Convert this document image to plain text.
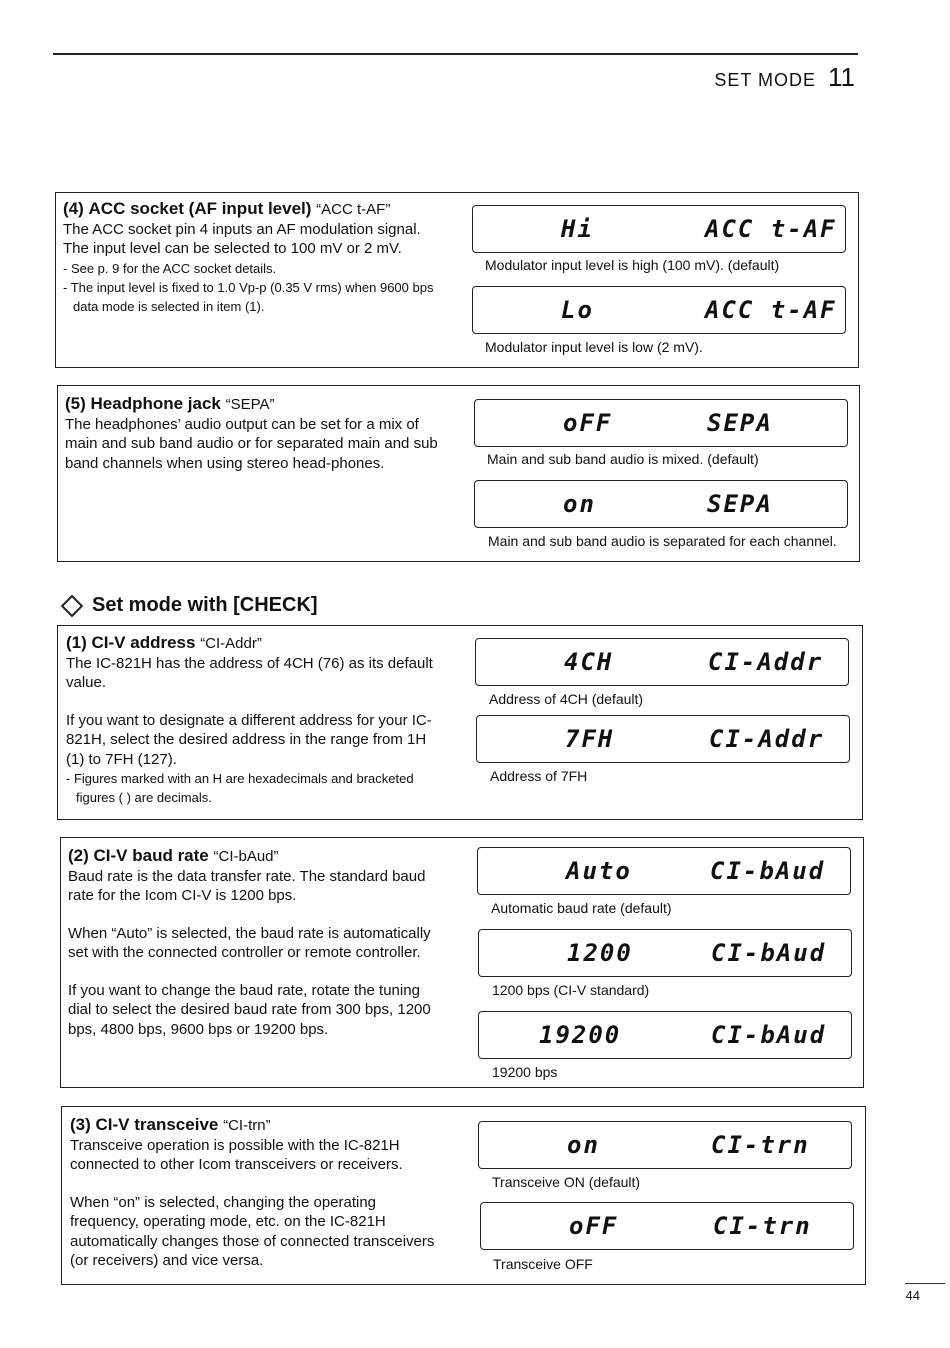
SET MODE 11

(4) ACC socket (AF input level) “ACC t-AF”

The ACC socket pin 4 inputs an AF modulation signal. The input level can be selected to 100 mV or 2 mV.

- See p. 9 for the ACC socket details.

- The input level is fixed to 1.0 Vp-p (0.35 V rms) when 9600 bps data mode is selected in item (1).

Hi	ACC t-AF
Modulator input level is high (100 mV). (default)
Lo	ACC t-AF
Modulator input level is low (2 mV).

(5) Headphone jack “SEPA”

The headphones’ audio output can be set for a mix of main and sub band audio or for separated main and sub band channels when using stereo head-phones.

oFF	SEPA
Main and sub band audio is mixed. (default)
on	SEPA
Main and sub band audio is separated for each channel.
Set mode with [CHECK]

(1) CI-V address “CI-Addr”

The IC-821H has the address of 4CH (76) as its default value.

If you want to designate a different address for your IC-821H, select the desired address in the range from 1H (1) to 7FH (127).

- Figures marked with an H are hexadecimals and bracketed figures ( ) are decimals.

4CH	CI-Addr
Address of 4CH (default)
7FH	CI-Addr
Address of 7FH

(2) CI-V baud rate “CI-bAud”

Baud rate is the data transfer rate. The standard baud rate for the Icom CI-V is 1200 bps.

When “Auto” is selected, the baud rate is automatically set with the connected controller or remote controller.

If you want to change the baud rate, rotate the tuning dial to select the desired baud rate from 300 bps, 1200 bps, 4800 bps, 9600 bps or 19200 bps.

Auto	CI-bAud
Automatic baud rate (default)
1200	CI-bAud
1200 bps (CI-V standard)
19200	CI-bAud
19200 bps

(3) CI-V transceive “CI-trn”

Transceive operation is possible with the IC-821H connected to other Icom transceivers or receivers.

When “on” is selected, changing the operating frequency, operating mode, etc. on the IC-821H automatically changes those of connected transceivers (or receivers) and vice versa.

on	CI-trn
Transceive ON (default)
oFF	CI-trn
Transceive OFF
44
